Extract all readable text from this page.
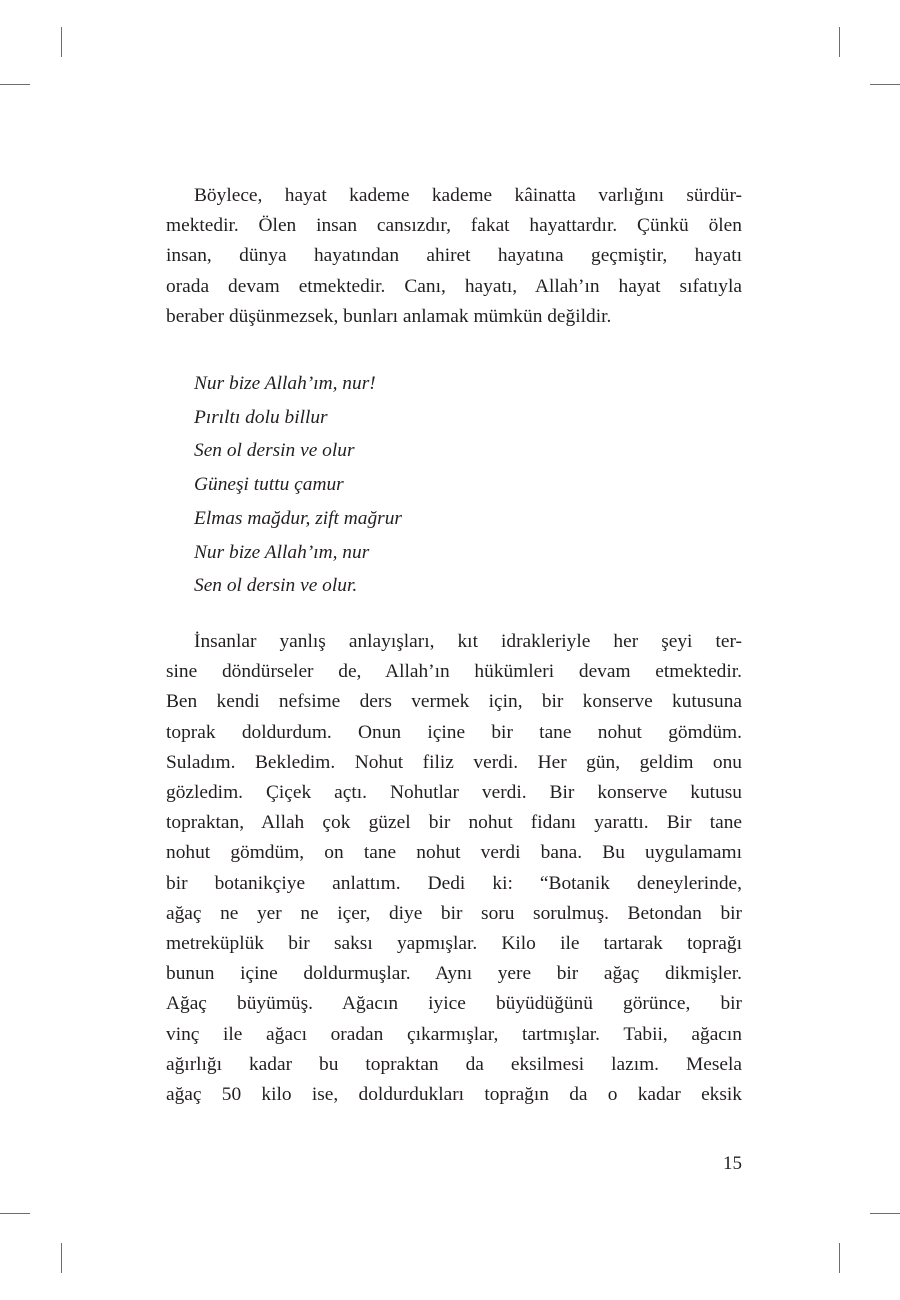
Böylece, hayat kademe kademe kâinatta varlığını sürdür-
mektedir. Ölen insan cansızdır, fakat hayattardır. Çünkü ölen
insan, dünya hayatından ahiret hayatına geçmiştir, hayatı
orada devam etmektedir. Canı, hayatı, Allah’ın hayat sıfatıyla
beraber düşünmezsek, bunları anlamak mümkün değildir.
Nur bize Allah’ım, nur!
Pırıltı dolu billur
Sen ol dersin ve olur
Güneşi tuttu çamur
Elmas mağdur, zift mağrur
Nur bize Allah’ım, nur
Sen ol dersin ve olur.
İnsanlar yanlış anlayışları, kıt idrakleriyle her şeyi ter-
sine döndürseler de, Allah’ın hükümleri devam etmektedir.
Ben kendi nefsime ders vermek için, bir konserve kutusuna
toprak doldurdum. Onun içine bir tane nohut gömdüm.
Suladım. Bekledim. Nohut filiz verdi. Her gün, geldim onu
gözledim. Çiçek açtı. Nohutlar verdi. Bir konserve kutusu
topraktan, Allah çok güzel bir nohut fidanı yarattı. Bir tane
nohut gömdüm, on tane nohut verdi bana. Bu uygulamamı
bir botanikçiye anlattım. Dedi ki: “Botanik deneylerinde,
ağaç ne yer ne içer, diye bir soru sorulmuş. Betondan bir
metreküplük bir saksı yapmışlar. Kilo ile tartarak toprağı
bunun içine doldurmuşlar. Aynı yere bir ağaç dikmişler.
Ağaç büyümüş. Ağacın iyice büyüdüğünü görünce, bir
vinç ile ağacı oradan çıkarmışlar, tartmışlar. Tabii, ağacın
ağırlığı kadar bu topraktan da eksilmesi lazım. Mesela
ağaç 50 kilo ise, doldurdukları toprağın da o kadar eksik
15
